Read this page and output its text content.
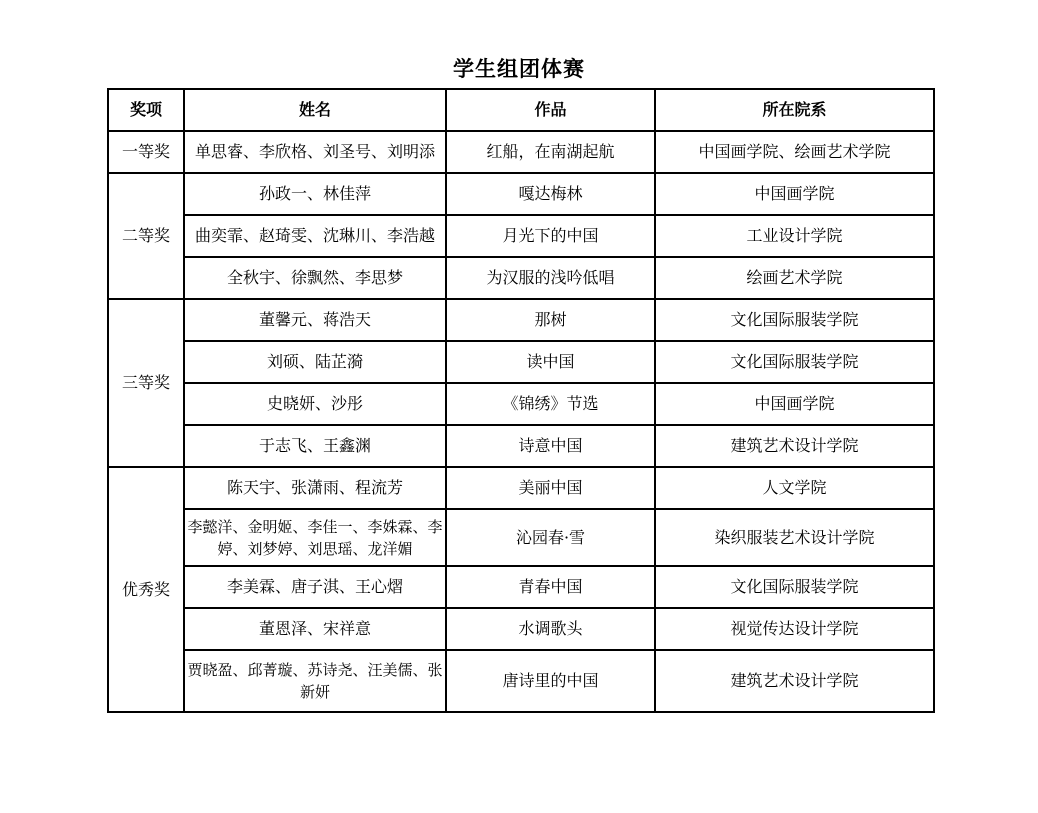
学生组团体赛
奖项	姓名	作品	所在院系
一等奖	单思睿、李欣格、刘圣号、刘明添	红船，在南湖起航	中国画学院、绘画艺术学院
二等奖	孙政一、林佳萍	嘎达梅林	中国画学院
	曲奕霏、赵琦雯、沈琳川、李浩越	月光下的中国	工业设计学院
	全秋宇、徐飘然、李思梦	为汉服的浅吟低唱	绘画艺术学院
三等奖	董馨元、蒋浩天	那树	文化国际服装学院
	刘硕、陆芷漪	读中国	文化国际服装学院
	史晓妍、沙彤	《锦绣》节选	中国画学院
	于志飞、王鑫渊	诗意中国	建筑艺术设计学院
优秀奖	陈天宇、张潇雨、程流芳	美丽中国	人文学院
	李懿洋、金明姬、李佳一、李姝霖、李婷、刘梦婷、刘思瑶、龙洋媚	沁园春·雪	染织服装艺术设计学院
	李美霖、唐子淇、王心熠	青春中国	文化国际服装学院
	董恩泽、宋祥意	水调歌头	视觉传达设计学院
	贾晓盈、邱菁璇、苏诗尧、汪美儒、张新妍	唐诗里的中国	建筑艺术设计学院
